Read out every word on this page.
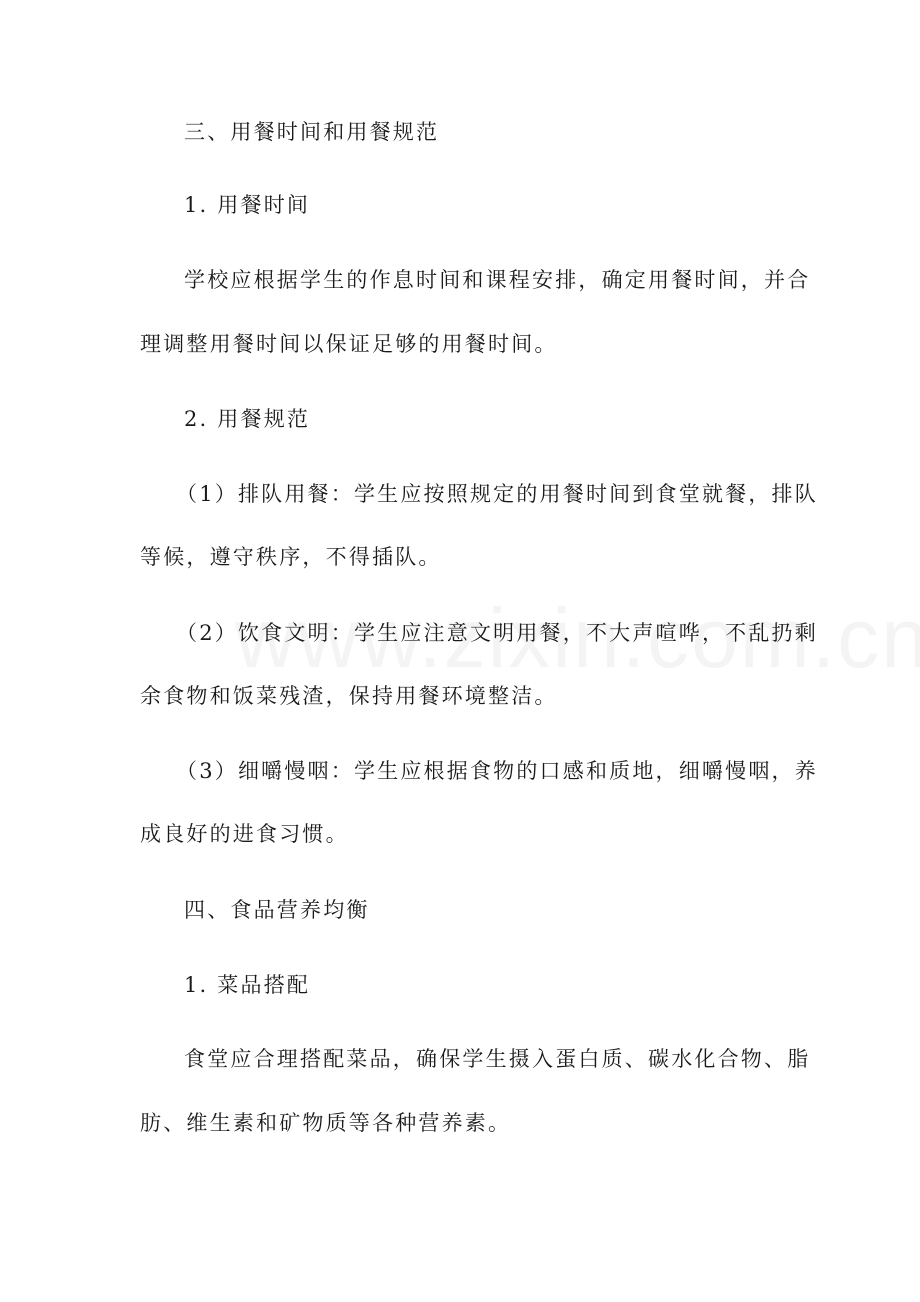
三、用餐时间和用餐规范
1. 用餐时间
学校应根据学生的作息时间和课程安排，确定用餐时间，并合
理调整用餐时间以保证足够的用餐时间。
2. 用餐规范
（1）排队用餐：学生应按照规定的用餐时间到食堂就餐，排队
等候，遵守秩序，不得插队。
（2）饮食文明：学生应注意文明用餐，不大声喧哗，不乱扔剩
余食物和饭菜残渣，保持用餐环境整洁。
（3）细嚼慢咽：学生应根据食物的口感和质地，细嚼慢咽，养
成良好的进食习惯。
四、食品营养均衡
1. 菜品搭配
食堂应合理搭配菜品，确保学生摄入蛋白质、碳水化合物、脂
肪、维生素和矿物质等各种营养素。
